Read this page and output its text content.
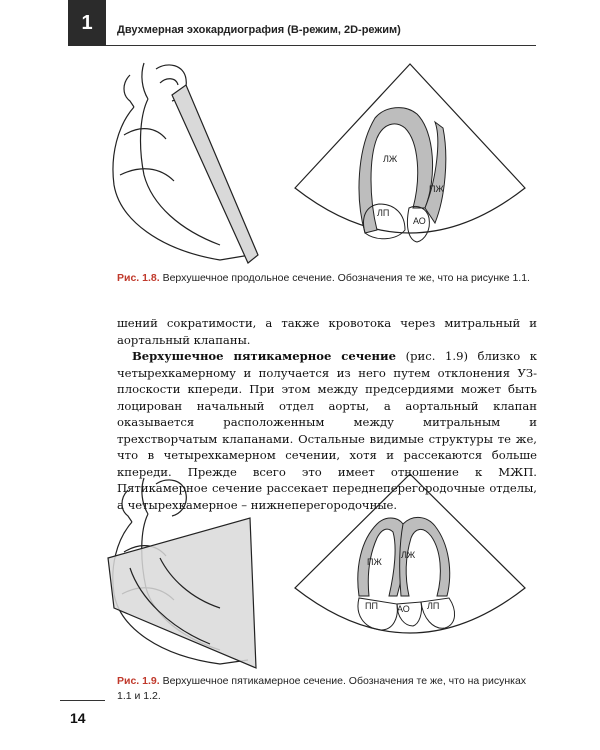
1 Двухмерная эхокардиография (В-режим, 2D-режим)
ЛЖ
ПЖ
ЛП
АО
Рис. 1.8. Верхушечное продольное сечение. Обозначения те же, что на рисунке 1.1.

шений сократимости, а также кровотока через митральный и аортальный клапаны.

Верхушечное пятикамерное сечение (рис. 1.9) близко к четырехкамерному и получается из него путем отклонения УЗ-плоскости кпереди. При этом между предсердиями может быть лоцирован начальный отдел аорты, а аортальный клапан оказывается расположенным между митральным и трехстворчатым клапанами. Остальные видимые структуры те же, что в четырехкамерном сечении, хотя и рассекаются больше кпереди. Прежде всего это имеет отношение к МЖП. Пятикамерное сечение рассекает переднеперегородочные отделы, а четырехкамерное – нижнеперегородочные.

ПЖ
ЛЖ
ПП АО ЛП
Рис. 1.9. Верхушечное пятикамерное сечение. Обозначения те же, что на рисунках 1.1 и 1.2.
14
